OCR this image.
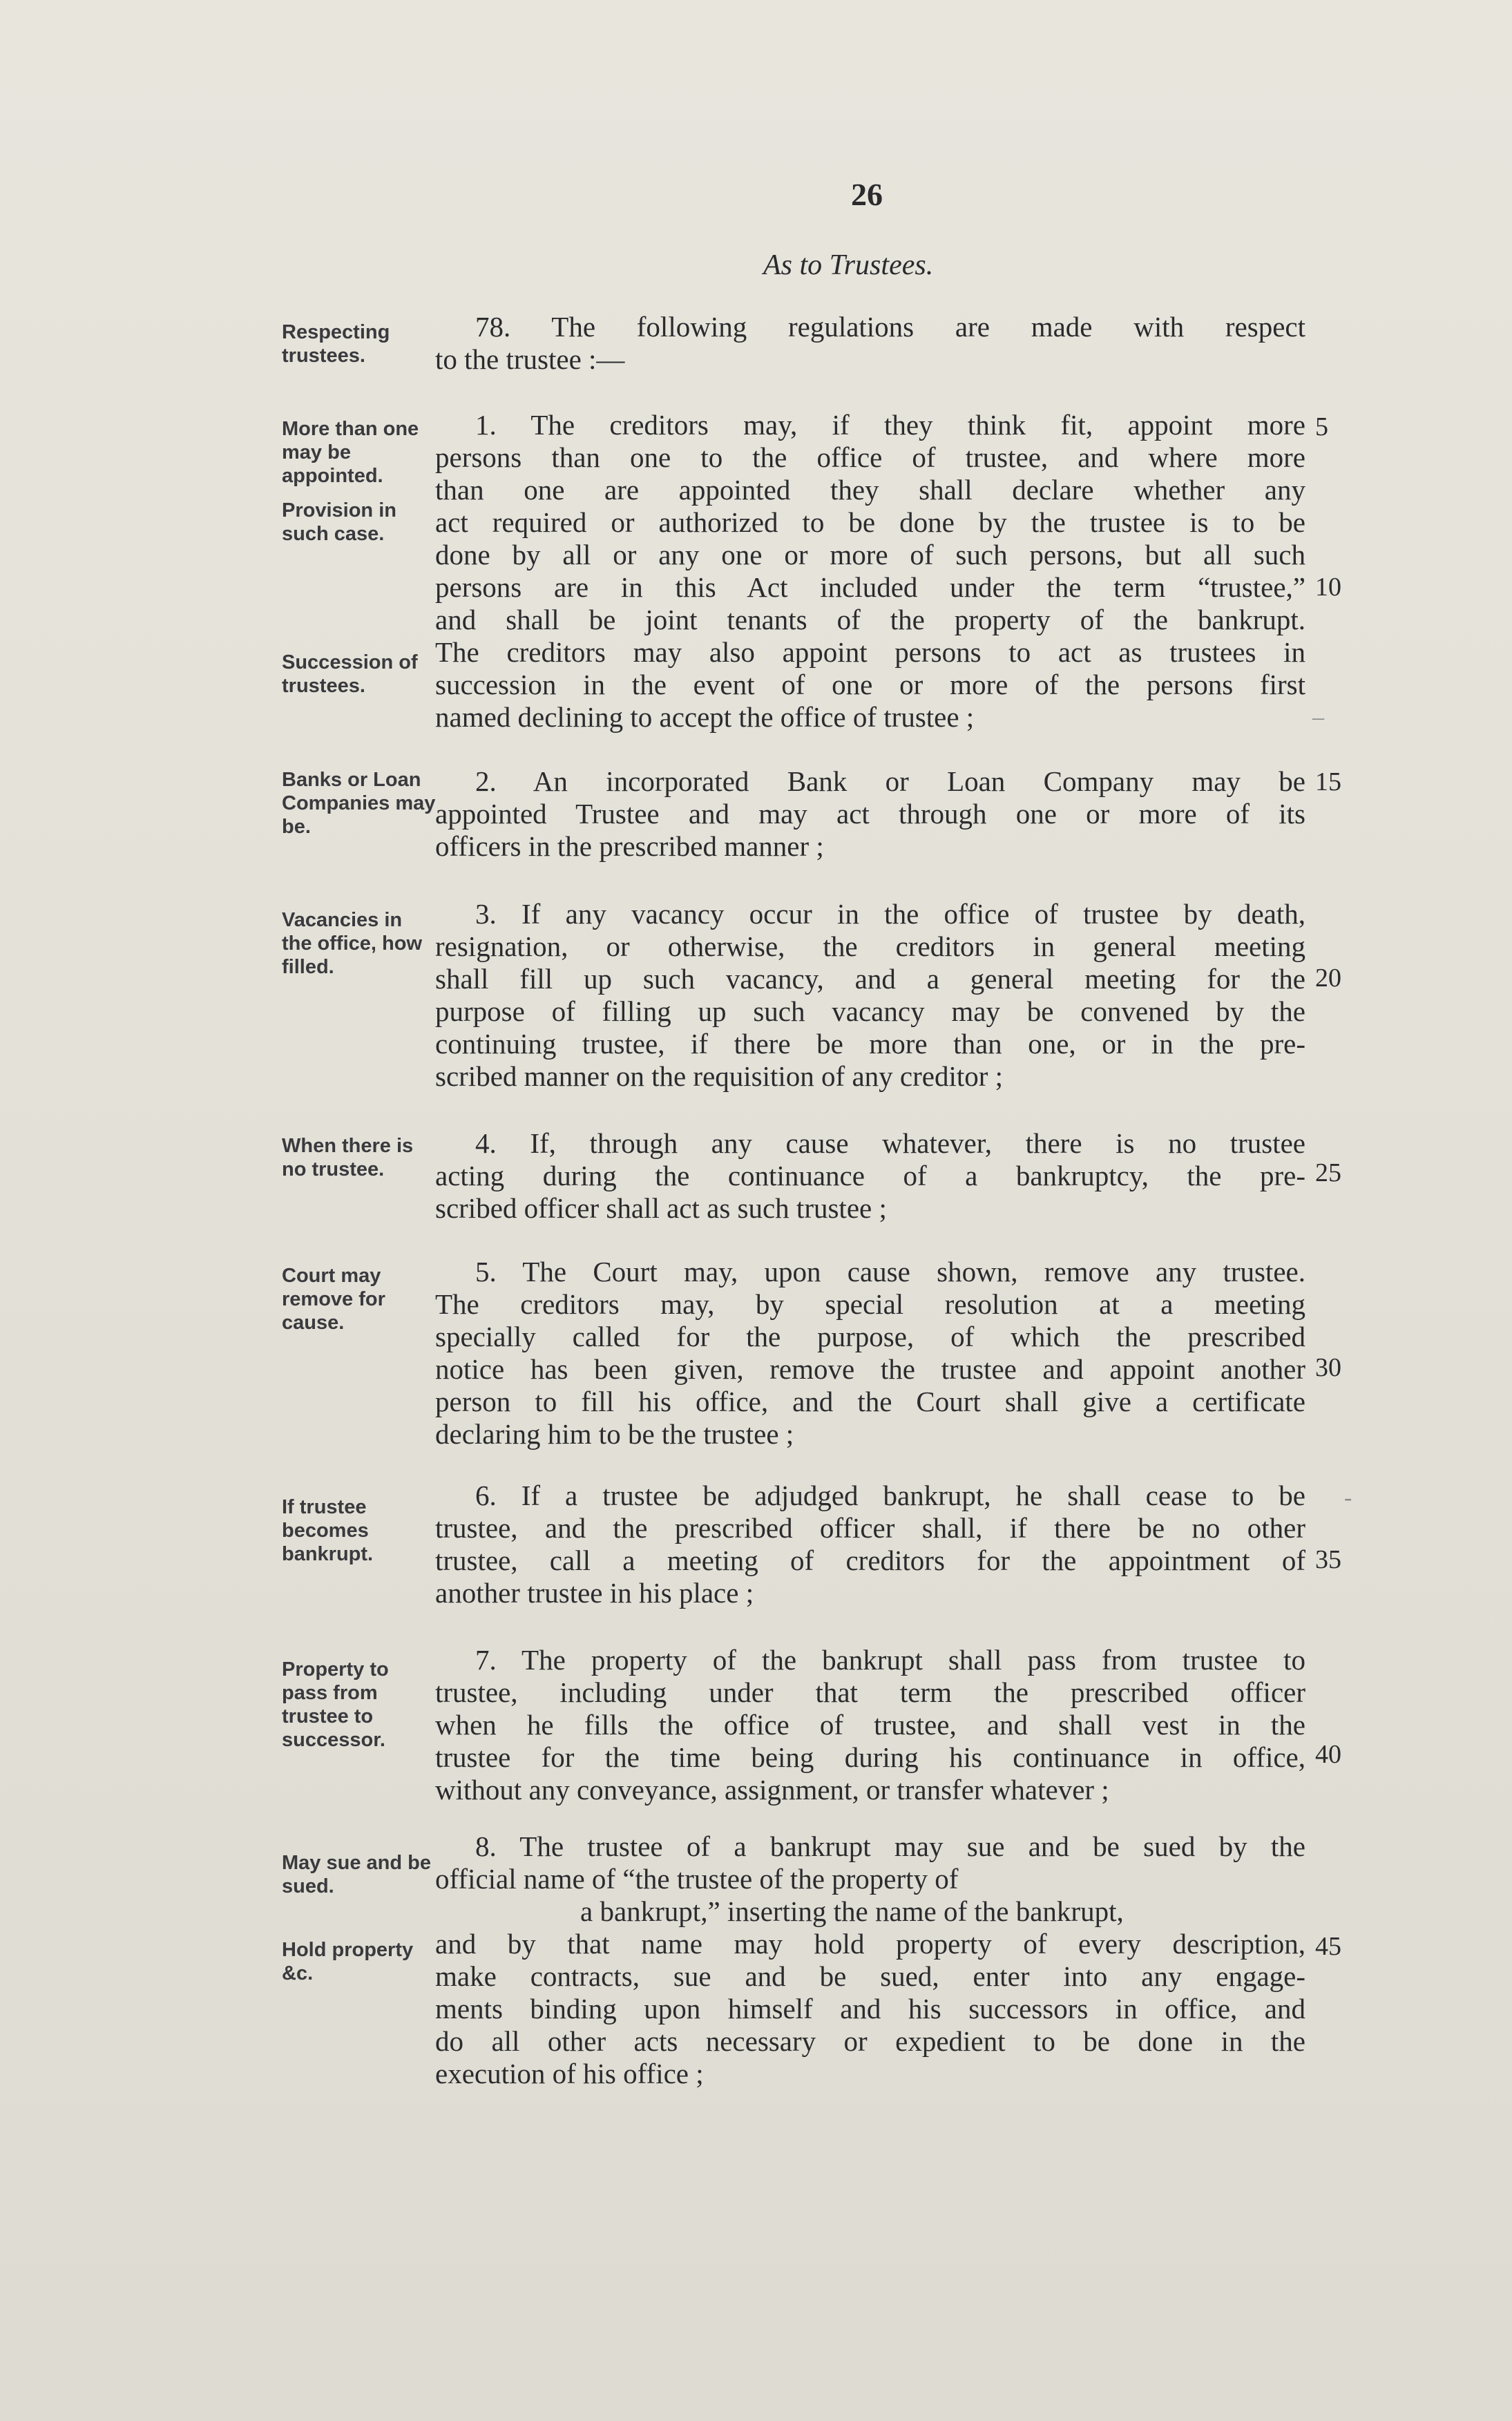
26
As to Trustees.
Respecting trustees.
More than one may be appointed.
Provision in such case.
Succession of trustees.
Banks or Loan Companies may be.
Vacancies in the office, how filled.
When there is no trustee.
Court may remove for cause.
If trustee becomes bankrupt.
Property to pass from trustee to successor.
May sue and be sued.
Hold property &c.
78. The following regulations are made with respect
to the trustee :—
1. The creditors may, if they think fit, appoint more
persons than one to the office of trustee, and where more
than one are appointed they shall declare whether any
act required or authorized to be done by the trustee is to be
done by all or any one or more of such persons, but all such
persons are in this Act included under the term “trustee,”
and shall be joint tenants of the property of the bankrupt.
The creditors may also appoint persons to act as trustees in
succession in the event of one or more of the persons first
named declining to accept the office of trustee ;
2. An incorporated Bank or Loan Company may be
appointed Trustee and may act through one or more of its
officers in the prescribed manner ;
3. If any vacancy occur in the office of trustee by death,
resignation, or otherwise, the creditors in general meeting
shall fill up such vacancy, and a general meeting for the
purpose of filling up such vacancy may be convened by the
continuing trustee, if there be more than one, or in the pre-
scribed manner on the requisition of any creditor ;
4. If, through any cause whatever, there is no trustee
acting during the continuance of a bankruptcy, the pre-
scribed officer shall act as such trustee ;
5. The Court may, upon cause shown, remove any trustee.
The creditors may, by special resolution at a meeting
specially called for the purpose, of which the prescribed
notice has been given, remove the trustee and appoint another
person to fill his office, and the Court shall give a certificate
declaring him to be the trustee ;
6. If a trustee be adjudged bankrupt, he shall cease to be
trustee, and the prescribed officer shall, if there be no other
trustee, call a meeting of creditors for the appointment of
another trustee in his place ;
7. The property of the bankrupt shall pass from trustee to
trustee, including under that term the prescribed officer
when he fills the office of trustee, and shall vest in the
trustee for the time being during his continuance in office,
without any conveyance, assignment, or transfer whatever ;
8. The trustee of a bankrupt may sue and be sued by the
official name of “the trustee of the property of
a bankrupt,” inserting the name of the bankrupt,
and by that name may hold property of every description,
make contracts, sue and be sued, enter into any engage-
ments binding upon himself and his successors in office, and
do all other acts necessary or expedient to be done in the
execution of his office ;
5
10
15
20
25
30
35
40
45
–
-
